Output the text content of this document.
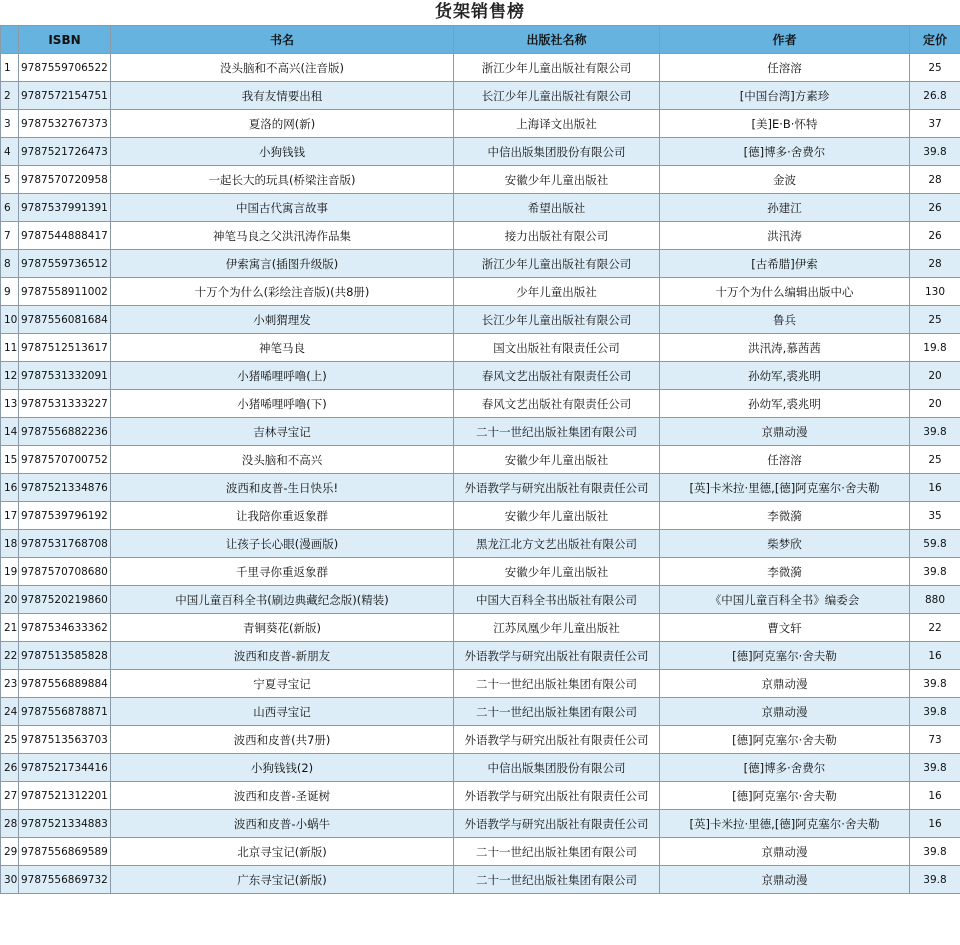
货架销售榜
	ISBN	书名	出版社名称	作者	定价
1	9787559706522	没头脑和不高兴(注音版)	浙江少年儿童出版社有限公司	任溶溶	25
2	9787572154751	我有友情要出租	长江少年儿童出版社有限公司	[中国台湾]方素珍	26.8
3	9787532767373	夏洛的网(新)	上海译文出版社	[美]E·B·怀特	37
4	9787521726473	小狗钱钱	中信出版集团股份有限公司	[德]博多·舍费尔	39.8
5	9787570720958	一起长大的玩具(桥梁注音版)	安徽少年儿童出版社	金波	28
6	9787537991391	中国古代寓言故事	希望出版社	孙建江	26
7	9787544888417	神笔马良之父洪汛涛作品集	接力出版社有限公司	洪汛涛	26
8	9787559736512	伊索寓言(插图升级版)	浙江少年儿童出版社有限公司	[古希腊]伊索	28
9	9787558911002	十万个为什么(彩绘注音版)(共8册)	少年儿童出版社	十万个为什么编辑出版中心	130
10	9787556081684	小刺猬理发	长江少年儿童出版社有限公司	鲁兵	25
11	9787512513617	神笔马良	国文出版社有限责任公司	洪汛涛,慕茜茜	19.8
12	9787531332091	小猪唏哩呼噜(上)	春风文艺出版社有限责任公司	孙幼军,裘兆明	20
13	9787531333227	小猪唏哩呼噜(下)	春风文艺出版社有限责任公司	孙幼军,裘兆明	20
14	9787556882236	吉林寻宝记	二十一世纪出版社集团有限公司	京鼎动漫	39.8
15	9787570700752	没头脑和不高兴	安徽少年儿童出版社	任溶溶	25
16	9787521334876	波西和皮普-生日快乐!	外语教学与研究出版社有限责任公司	[英]卡米拉·里德,[德]阿克塞尔·舍夫勒	16
17	9787539796192	让我陪你重返象群	安徽少年儿童出版社	李微漪	35
18	9787531768708	让孩子长心眼(漫画版)	黑龙江北方文艺出版社有限公司	柴梦欣	59.8
19	9787570708680	千里寻你重返象群	安徽少年儿童出版社	李微漪	39.8
20	9787520219860	中国儿童百科全书(刷边典藏纪念版)(精装)	中国大百科全书出版社有限公司	《中国儿童百科全书》编委会	880
21	9787534633362	青铜葵花(新版)	江苏凤凰少年儿童出版社	曹文轩	22
22	9787513585828	波西和皮普-新朋友	外语教学与研究出版社有限责任公司	[德]阿克塞尔·舍夫勒	16
23	9787556889884	宁夏寻宝记	二十一世纪出版社集团有限公司	京鼎动漫	39.8
24	9787556878871	山西寻宝记	二十一世纪出版社集团有限公司	京鼎动漫	39.8
25	9787513563703	波西和皮普(共7册)	外语教学与研究出版社有限责任公司	[德]阿克塞尔·舍夫勒	73
26	9787521734416	小狗钱钱(2)	中信出版集团股份有限公司	[德]博多·舍费尔	39.8
27	9787521312201	波西和皮普-圣诞树	外语教学与研究出版社有限责任公司	[德]阿克塞尔·舍夫勒	16
28	9787521334883	波西和皮普-小蜗牛	外语教学与研究出版社有限责任公司	[英]卡米拉·里德,[德]阿克塞尔·舍夫勒	16
29	9787556869589	北京寻宝记(新版)	二十一世纪出版社集团有限公司	京鼎动漫	39.8
30	9787556869732	广东寻宝记(新版)	二十一世纪出版社集团有限公司	京鼎动漫	39.8
